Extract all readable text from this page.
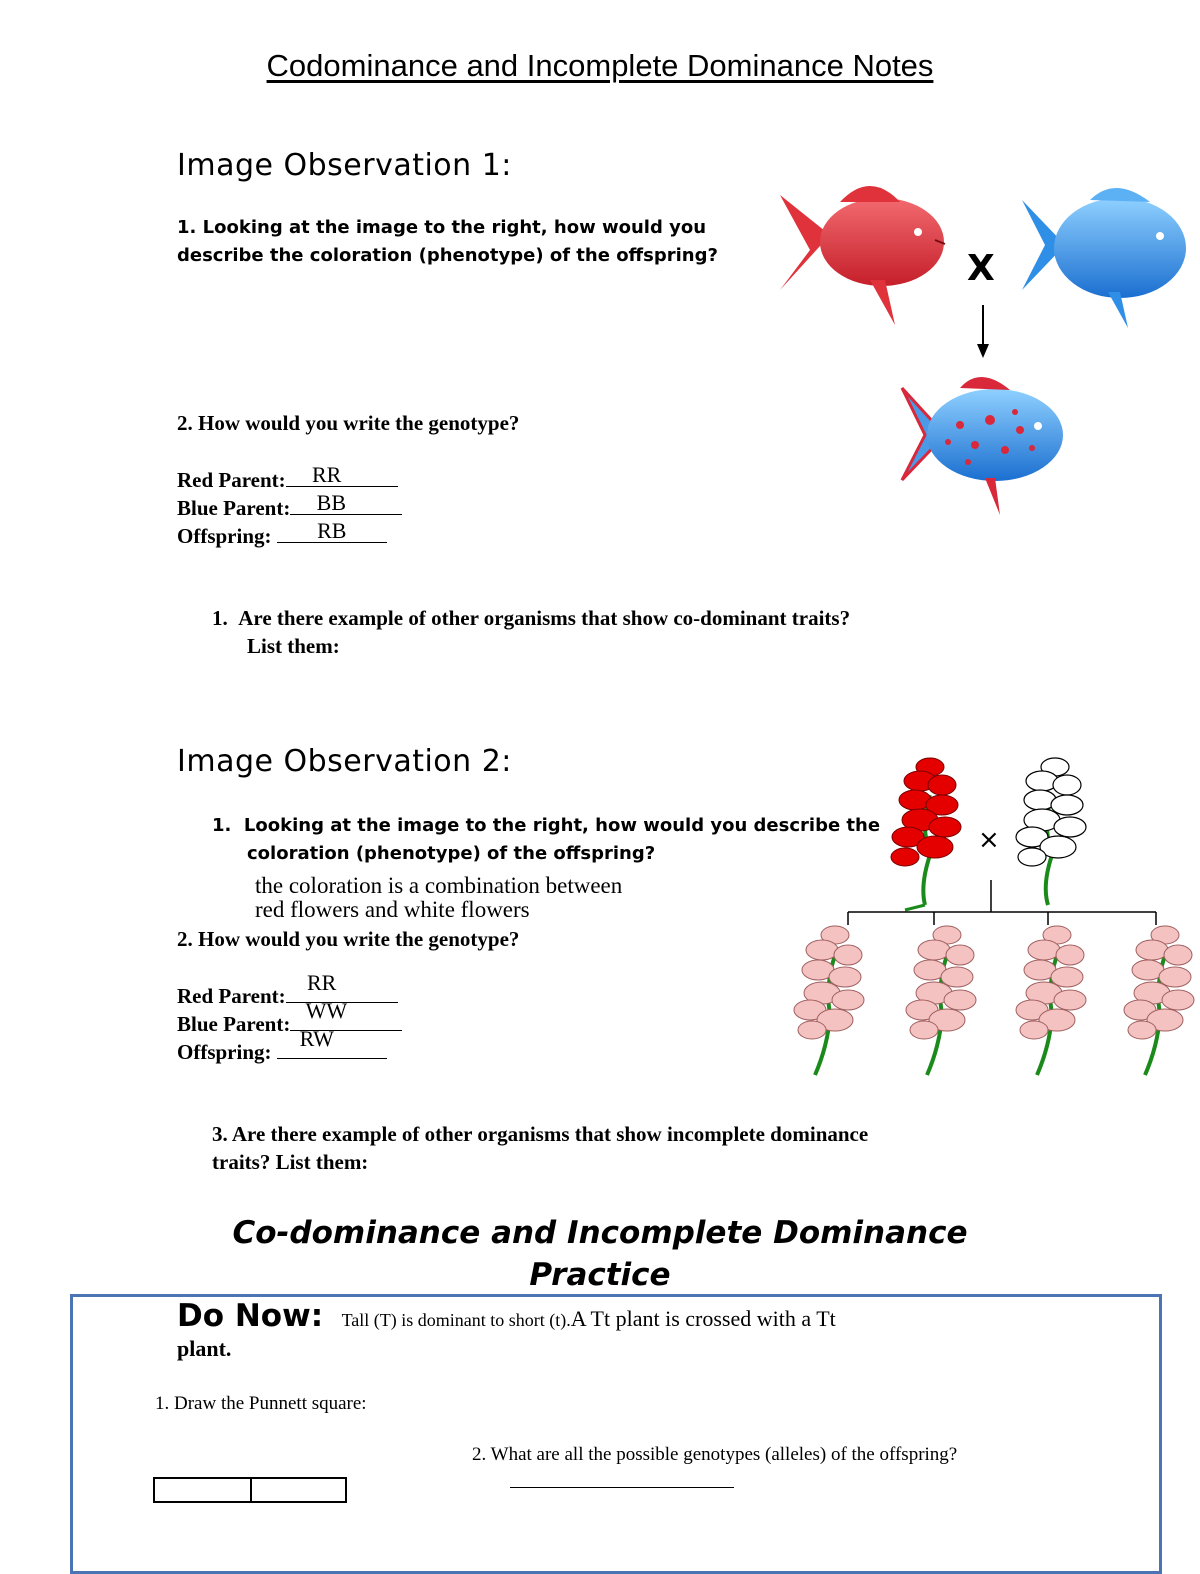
Codominance and Incomplete Dominance Notes
Image Observation 1:
1. Looking at the image to the right, how would you
describe the coloration (phenotype) of the offspring?
2. How would you write the genotype?
Red Parent:	RR
Blue Parent:	BB
Offspring:	RB
X
1. Are there example of other organisms that show co-dominant traits?
List them:
Image Observation 2:
1. Looking at the image to the right, how would you describe the
coloration (phenotype) of the offspring?
the coloration is a combination between
red flowers and white flowers
2. How would you write the genotype?
Red Parent:
RR
Blue Parent:
WW
Offspring:
RW
×
3. Are there example of other organisms that show incomplete dominance
traits? List them:
Co-dominance and Incomplete Dominance
Practice
Do Now: Tall (T) is dominant to short (t).A Tt plant is crossed with a Tt
plant.
1. Draw the Punnett square:
2. What are all the possible genotypes (alleles) of the offspring?
